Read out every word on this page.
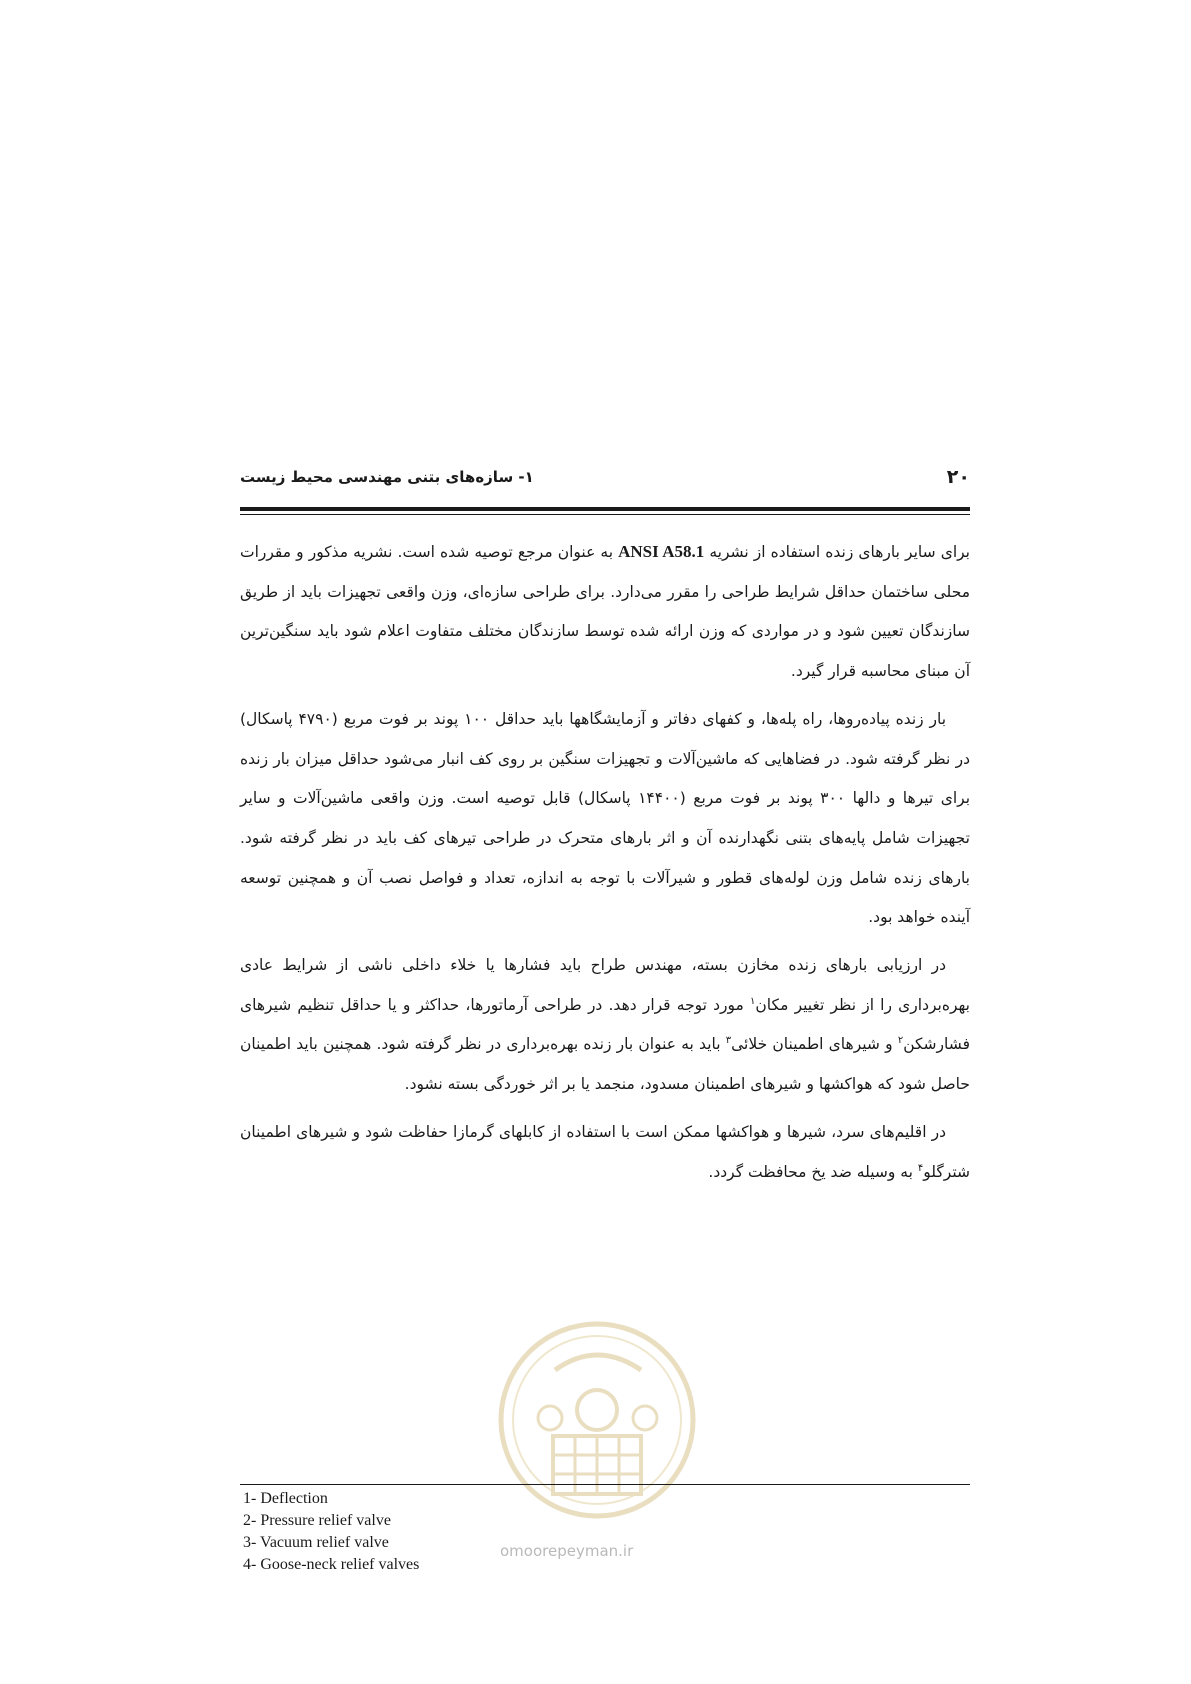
۲۰
۱- سازه‌های بتنی مهندسی محیط زیست

برای سایر بارهای زنده استفاده از نشریه ANSI A58.1 به عنوان مرجع توصیه شده است. نشریه مذکور و مقررات محلی ساختمان حداقل شرایط طراحی را مقرر می‌دارد. برای طراحی سازه‌ای، وزن واقعی تجهیزات باید از طریق سازندگان تعیین شود و در مواردی که وزن ارائه شده توسط سازندگان مختلف متفاوت اعلام شود باید سنگین‌ترین آن مبنای محاسبه قرار گیرد.

بار زنده پیاده‌روها، راه پله‌ها، و کفهای دفاتر و آزمایشگاهها باید حداقل ۱۰۰ پوند بر فوت مربع (۴۷۹۰ پاسکال) در نظر گرفته شود. در فضاهایی که ماشین‌آلات و تجهیزات سنگین بر روی کف انبار می‌شود حداقل میزان بار زنده برای تیرها و دالها ۳۰۰ پوند بر فوت مربع (۱۴۴۰۰ پاسکال) قابل توصیه است. وزن واقعی ماشین‌آلات و سایر تجهیزات شامل پایه‌های بتنی نگهدارنده آن و اثر بارهای متحرک در طراحی تیرهای کف باید در نظر گرفته شود. بارهای زنده شامل وزن لوله‌های قطور و شیرآلات با توجه به اندازه، تعداد و فواصل نصب آن و همچنین توسعه آینده خواهد بود.

در ارزیابی بارهای زنده مخازن بسته، مهندس طراح باید فشارها یا خلاء داخلی ناشی از شرایط عادی بهره‌برداری را از نظر تغییر مکان$^۱$ مورد توجه قرار دهد. در طراحی آرماتورها، حداکثر و یا حداقل تنظیم شیرهای فشارشکن$^۲$ و شیرهای اطمینان خلائی$^۳$ باید به عنوان بار زنده بهره‌برداری در نظر گرفته شود. همچنین باید اطمینان حاصل شود که هواکشها و شیرهای اطمینان مسدود، منجمد یا بر اثر خوردگی بسته نشود.

در اقلیم‌های سرد، شیرها و هواکشها ممکن است با استفاده از کابلهای گرمازا حفاظت شود و شیرهای اطمینان شترگلو$^۴$ به وسیله ضد یخ محافظت گردد.

omoorepeyman.ir
1- Deflection
2- Pressure relief valve
3- Vacuum relief valve
4- Goose-neck relief valves
